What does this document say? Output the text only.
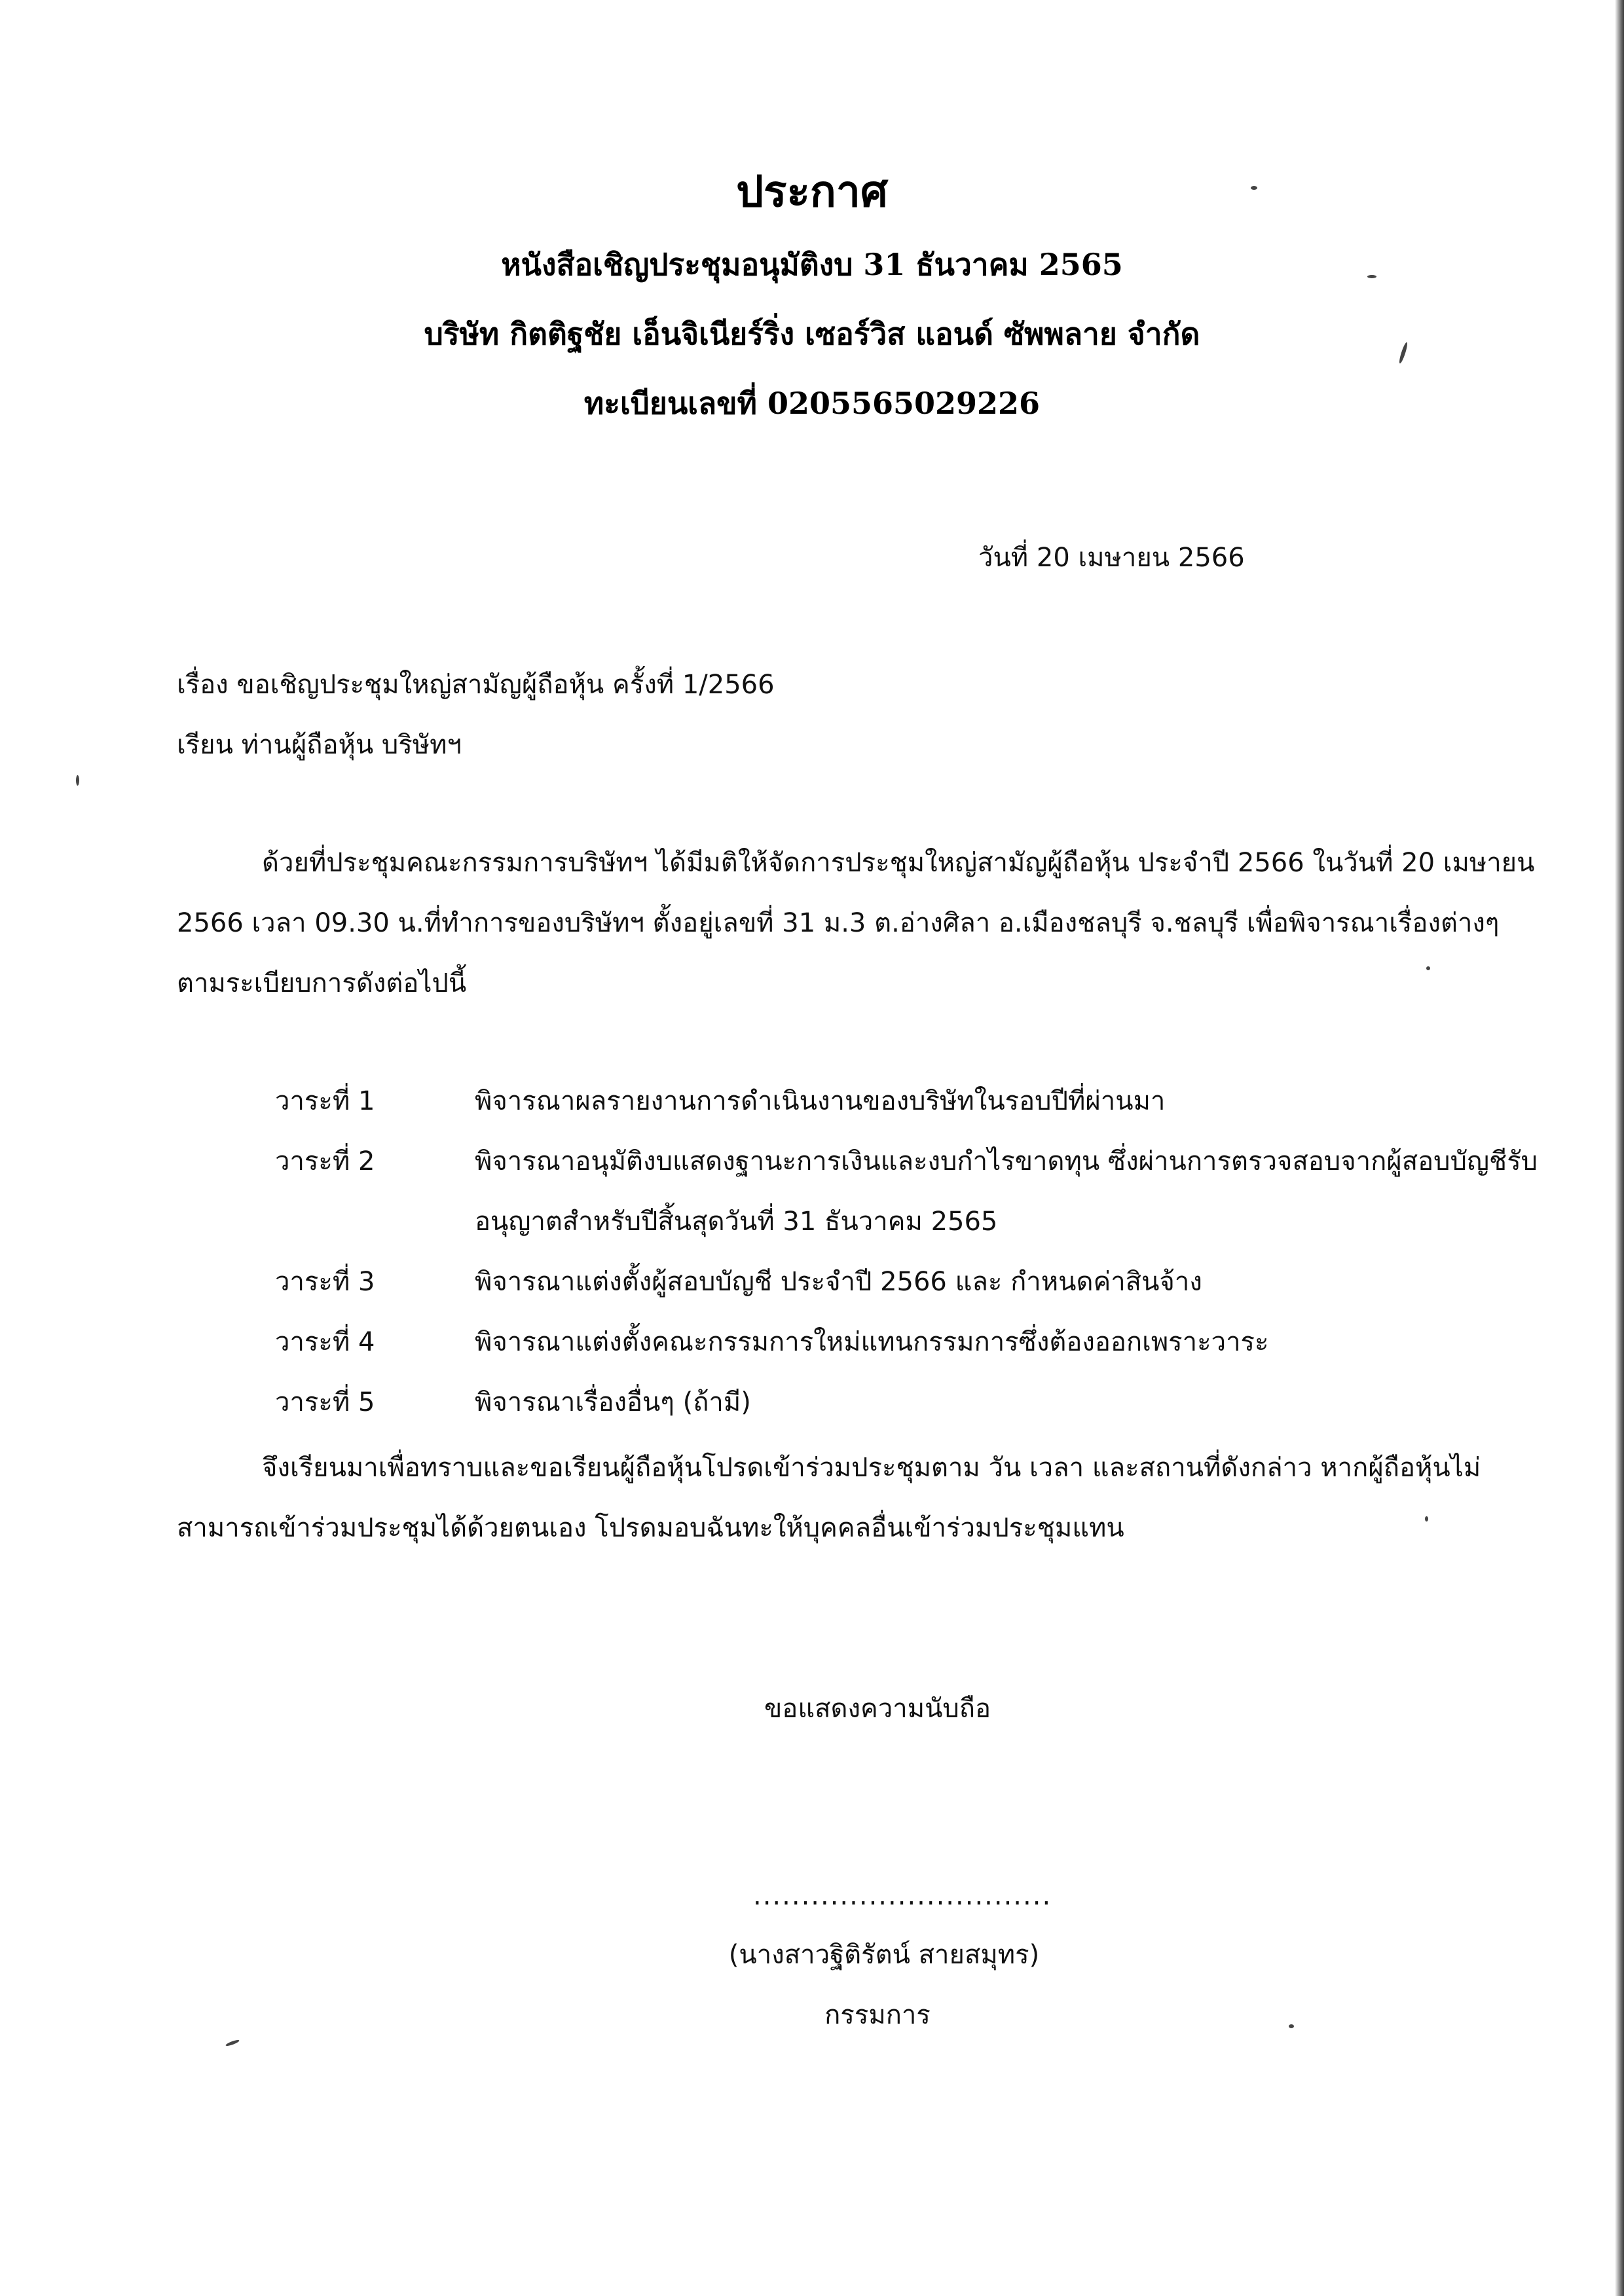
ประกาศ
หนังสือเชิญประชุมอนุมัติงบ 31 ธันวาคม 2565
บริษัท กิตติฐชัย เอ็นจิเนียร์ริ่ง เซอร์วิส แอนด์ ซัพพลาย จำกัด
ทะเบียนเลขที่ 0205565029226
วันที่ 20 เมษายน 2566
เรื่อง ขอเชิญประชุมใหญ่สามัญผู้ถือหุ้น ครั้งที่ 1/2566
เรียน ท่านผู้ถือหุ้น บริษัทฯ
ด้วยที่ประชุมคณะกรรมการบริษัทฯ ได้มีมติให้จัดการประชุมใหญ่สามัญผู้ถือหุ้น ประจำปี 2566 ในวันที่ 20 เมษายน 2566 เวลา 09.30 น.ที่ทำการของบริษัทฯ ตั้งอยู่เลขที่ 31 ม.3 ต.อ่างศิลา อ.เมืองชลบุรี จ.ชลบุรี เพื่อพิจารณาเรื่องต่างๆ ตามระเบียบการดังต่อไปนี้
วาระที่ 1	พิจารณาผลรายงานการดำเนินงานของบริษัทในรอบปีที่ผ่านมา
วาระที่ 2	พิจารณาอนุมัติงบแสดงฐานะการเงินและงบกำไรขาดทุน ซึ่งผ่านการตรวจสอบจากผู้สอบบัญชีรับอนุญาตสำหรับปีสิ้นสุดวันที่ 31 ธันวาคม 2565
วาระที่ 3	พิจารณาแต่งตั้งผู้สอบบัญชี ประจำปี 2566 และ กำหนดค่าสินจ้าง
วาระที่ 4	พิจารณาแต่งตั้งคณะกรรมการใหม่แทนกรรมการซึ่งต้องออกเพราะวาระ
วาระที่ 5	พิจารณาเรื่องอื่นๆ (ถ้ามี)
จึงเรียนมาเพื่อทราบและขอเรียนผู้ถือหุ้นโปรดเข้าร่วมประชุมตาม วัน เวลา และสถานที่ดังกล่าว หากผู้ถือหุ้นไม่สามารถเข้าร่วมประชุมได้ด้วยตนเอง โปรดมอบฉันทะให้บุคคลอื่นเข้าร่วมประชุมแทน
ขอแสดงความนับถือ
...............................
(นางสาวฐิติรัตน์ สายสมุทร)
กรรมการ
